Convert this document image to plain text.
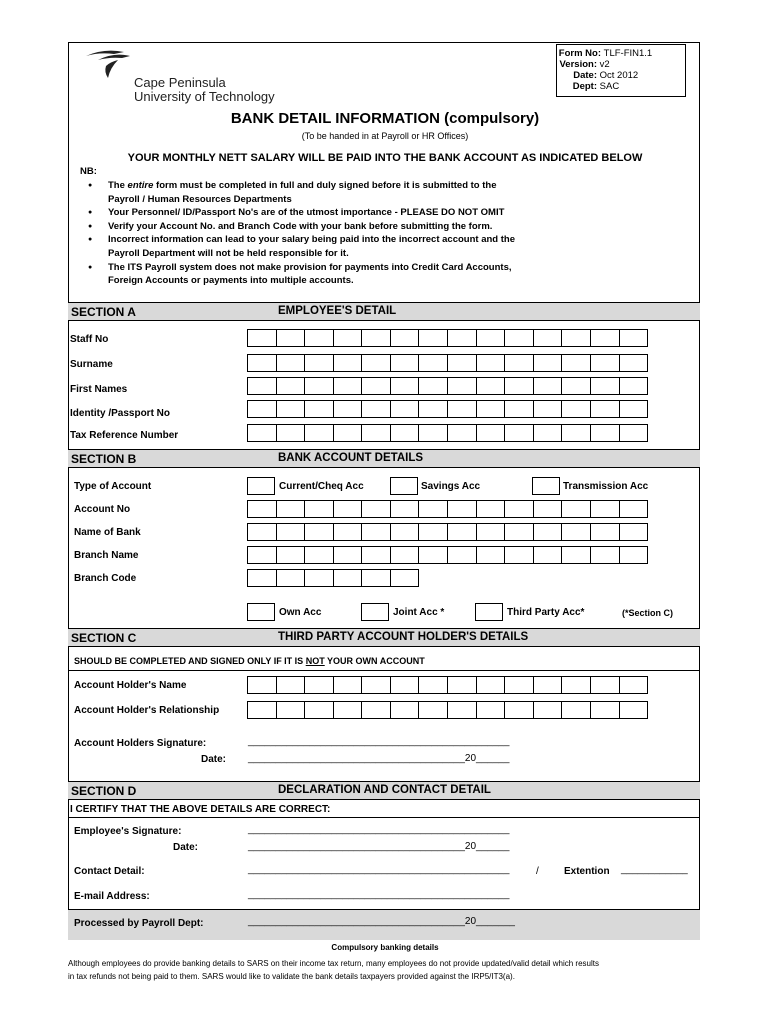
Cape Peninsula
University of Technology
Form No:
TLF-FIN1.1
Version:
v2
Date:
Oct 2012
Dept:
SAC
BANK DETAIL INFORMATION (compulsory)
(To be handed in at Payroll or HR Offices)
YOUR MONTHLY NETT SALARY WILL BE PAID INTO THE BANK ACCOUNT AS INDICATED BELOW
NB:
● The entire form must be completed in full and duly signed before it is submitted to the
Payroll / Human Resources Departments
● Your Personnel/ ID/Passport No's are of the utmost importance - PLEASE DO NOT OMIT
● Verify your Account No. and Branch Code with your bank before submitting the form.
● Incorrect information can lead to your salary being paid into the incorrect account and the
Payroll Department will not be held responsible for it.
● The ITS Payroll system does not make provision for payments into Credit Card Accounts,
Foreign Accounts or payments into multiple accounts.
SECTION A	EMPLOYEE'S DETAIL
Staff No
Surname
First Names
Identity /Passport No
Tax Reference Number
SECTION B	BANK ACCOUNT DETAILS
Type of Account	Current/Cheq Acc	Savings Acc	Transmission Acc
Account No
Name of Bank
Branch Name
Branch Code
Own Acc	Joint Acc *	Third Party Acc*	(*Section C)
SECTION C	THIRD PARTY ACCOUNT HOLDER'S DETAILS
SHOULD BE COMPLETED AND SIGNED ONLY IF IT IS NOT YOUR OWN ACCOUNT
Account Holder's Name
Account Holder's Relationship
Account Holders Signature:	_______________________________________________
Date: _______________________________________20______
SECTION D	DECLARATION AND CONTACT DETAIL
I CERTIFY THAT THE ABOVE DETAILS ARE CORRECT:
Employee's Signature:	_______________________________________________
Date:	_______________________________________20______
Contact Detail:	_______________________________________________	/	Extention ____________
E-mail Address:	_______________________________________________
Processed by Payroll Dept:	_______________________________________20_______
Compulsory banking details
Although employees do provide banking details to SARS on their income tax return, many employees do not provide updated/valid detail which results
in tax refunds not being paid to them. SARS would like to validate the bank details taxpayers provided against the IRP5/IT3(a).
